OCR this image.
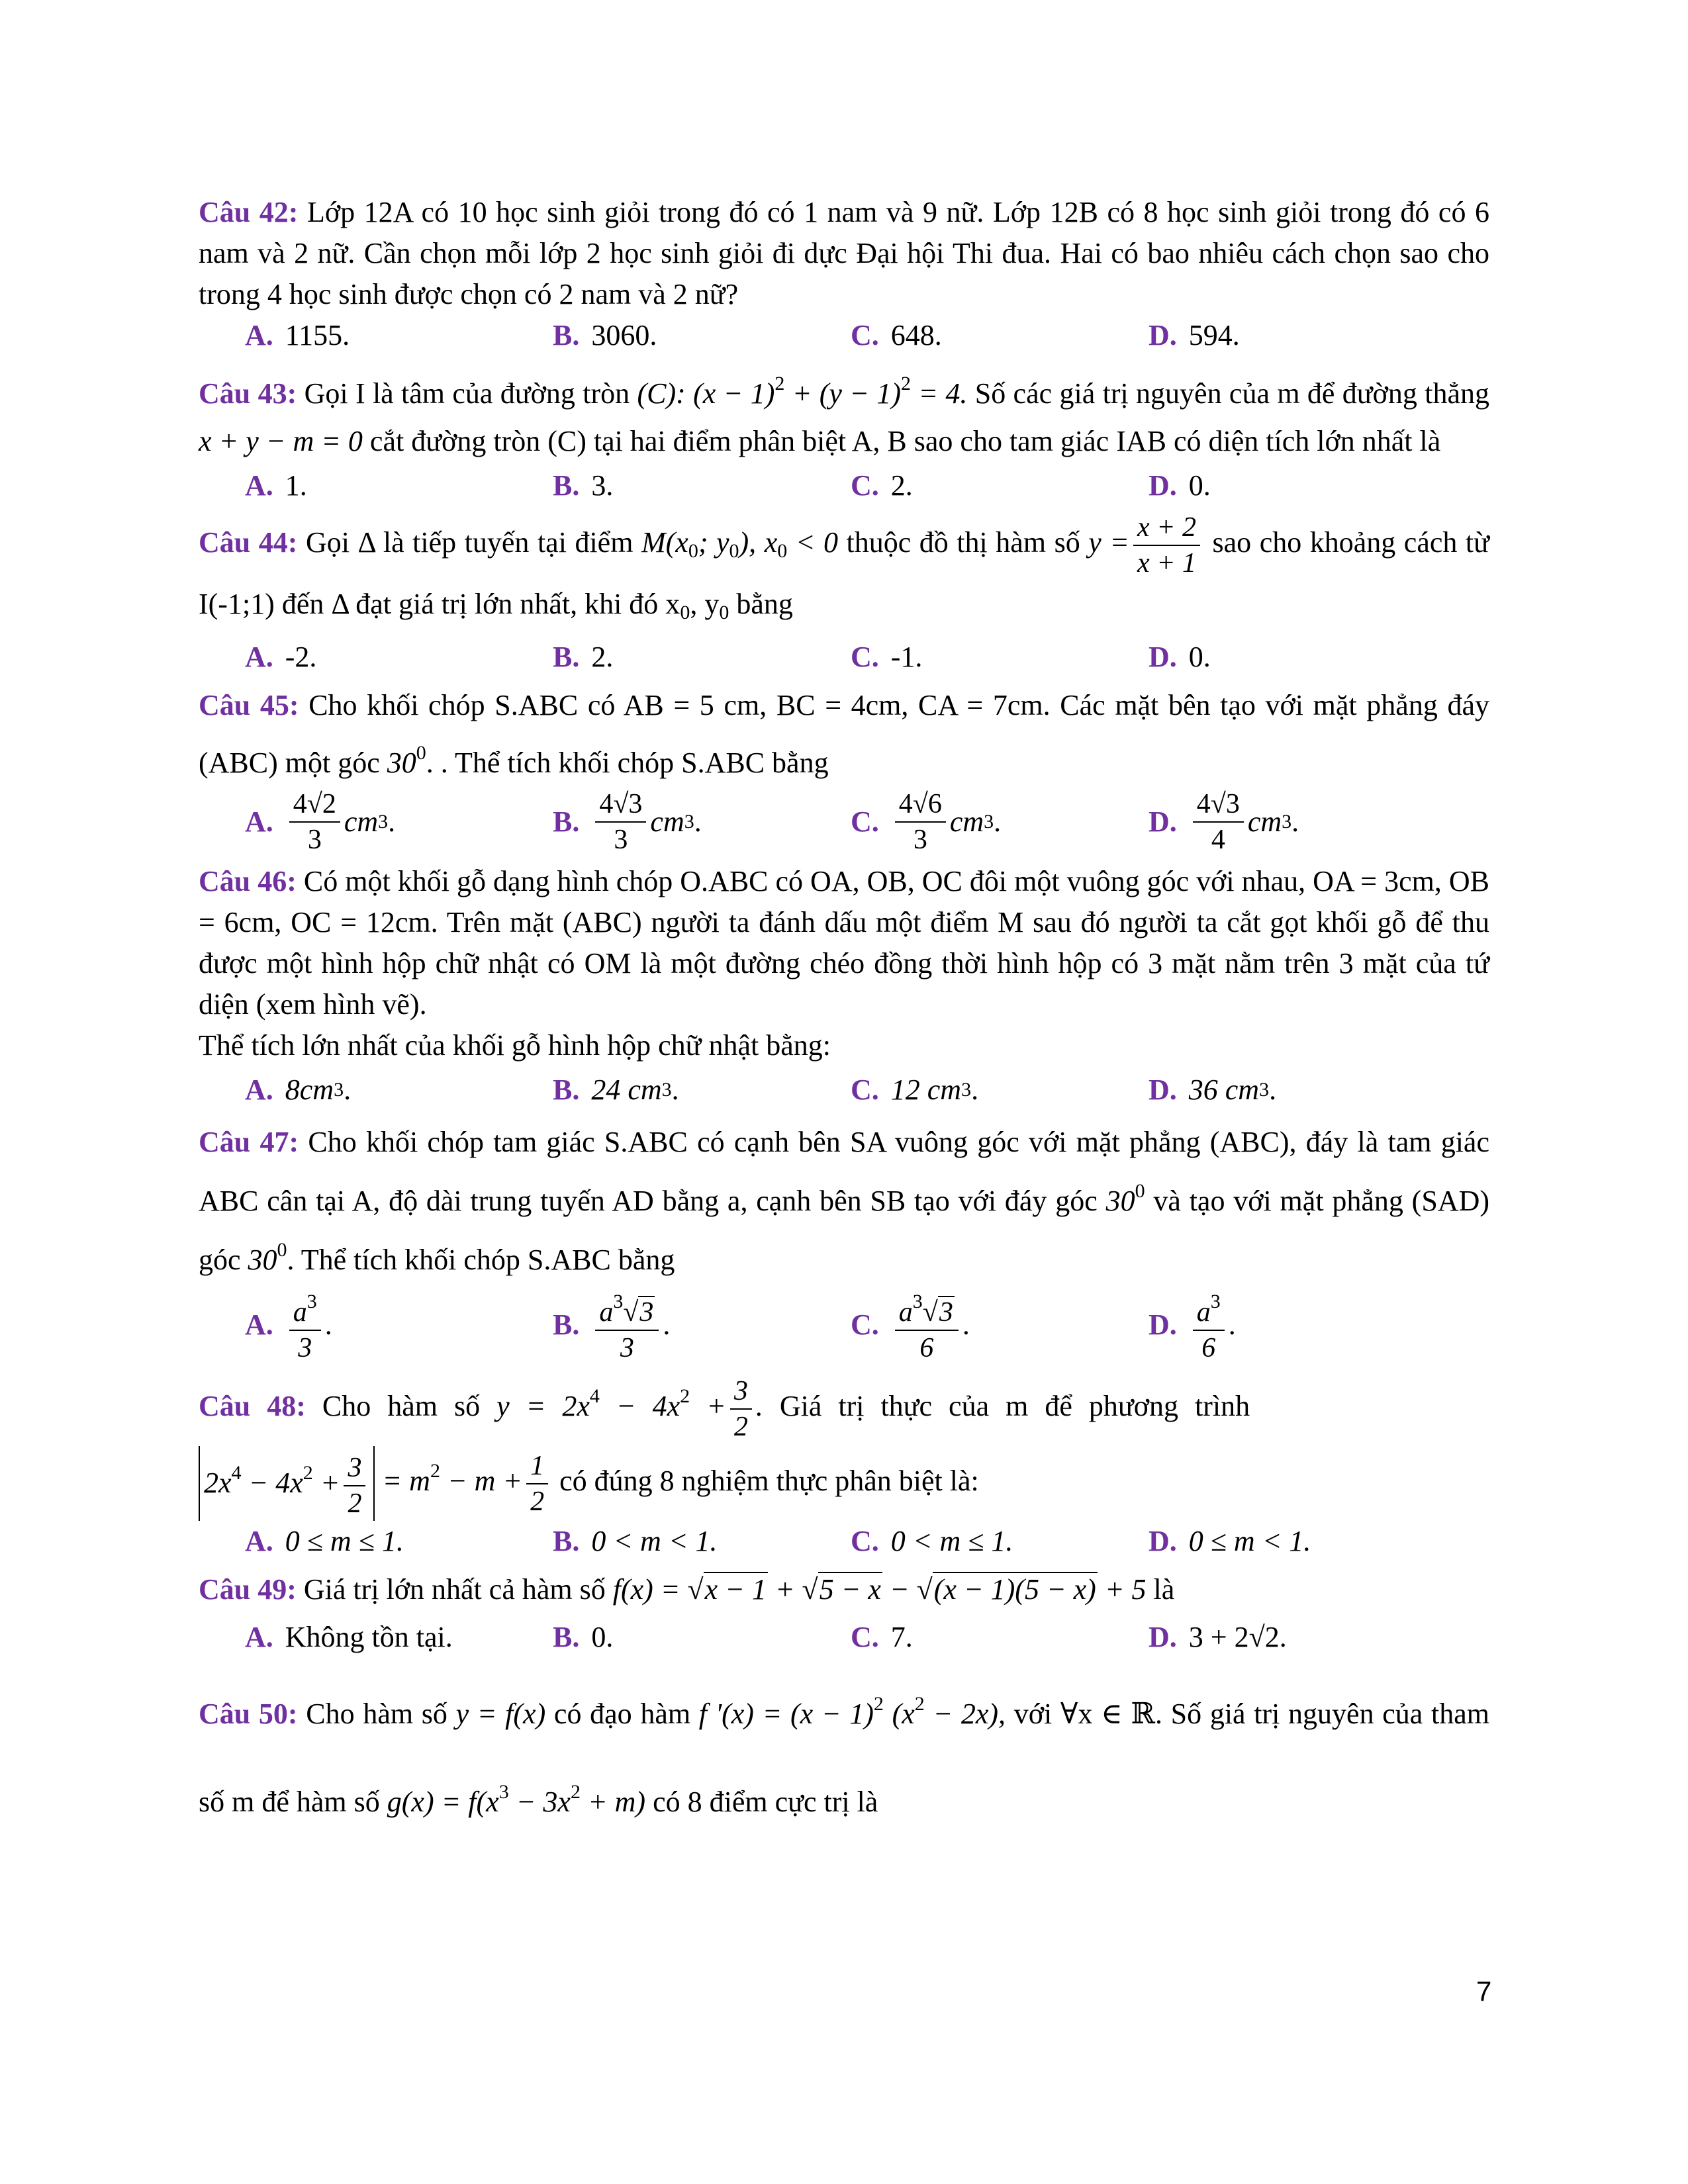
Câu 42: Lớp 12A có 10 học sinh giỏi trong đó có 1 nam và 9 nữ. Lớp 12B có 8 học sinh giỏi trong đó có 6 nam và 2 nữ. Cần chọn mỗi lớp 2 học sinh giỏi đi dực Đại hội Thi đua. Hai có bao nhiêu cách chọn sao cho trong 4 học sinh được chọn có 2 nam và 2 nữ?
A. 1155.	B. 3060.	C. 648.	D. 594.
Câu 43: Gọi I là tâm của đường tròn (C): $(x - 1)^2 + (y - 1)^2 = 4$. Số các giá trị nguyên của m để đường thẳng x + y − m = 0 cắt đường tròn (C) tại hai điểm phân biệt A, B sao cho tam giác IAB có diện tích lớn nhất là
A. 1.	B. 3.	C. 2.	D. 0.
Câu 44: Gọi Δ là tiếp tuyến tại điểm $M(x_0$; $y_0$), $x_0 < 0$ thuộc đồ thị hàm số $y = \frac{x + 2}{x + 1}$ sao cho khoảng cách từ I(-1;1) đến Δ đạt giá trị lớn nhất, khi đó $x_0$, $y_0$ bằng
A. -2.	B. 2.	C. -1.	D. 0.
Câu 45: Cho khối chóp S.ABC có AB = 5 cm, BC = 4cm, CA = 7cm. Các mặt bên tạo với mặt phẳng đáy (ABC) một góc $30^0$. . Thể tích khối chóp S.ABC bằng
A. $\frac{4√2}{3}$ cm 3 .	B. $\frac{4√3}{3}$ cm 3 .	C. $\frac{4√6}{3}$ cm 3 .	D. $\frac{4√3}{4}$ cm 3 .
Câu 46: Có một khối gỗ dạng hình chóp O.ABC có OA, OB, OC đôi một vuông góc với nhau, OA = 3cm, OB = 6cm, OC = 12cm. Trên mặt (ABC) người ta đánh dấu một điểm M sau đó người ta cắt gọt khối gỗ để thu được một hình hộp chữ nhật có OM là một đường chéo đồng thời hình hộp có 3 mặt nằm trên 3 mặt của tứ diện (xem hình vẽ).
Thể tích lớn nhất của khối gỗ hình hộp chữ nhật bằng:
A. 8cm 3 .	B. 24 cm 3 .	C. 12 cm 3 .	D. 36 cm 3 .
Câu 47: Cho khối chóp tam giác S.ABC có cạnh bên SA vuông góc với mặt phẳng (ABC), đáy là tam giác ABC cân tại A, độ dài trung tuyến AD bằng a, cạnh bên SB tạo với đáy góc $30^0$ và tạo với mặt phẳng (SAD) góc $30^0$. Thể tích khối chóp S.ABC bằng
A. $\frac{a^3}{3}$ .	B. $\frac{a^3√3}{3}$ .	C. $\frac{a^3√3}{6}$ .	D. $\frac{a^3}{6}$ .
Câu 48: Cho hàm số $y = 2x^4 - 4x^2 + \frac{3}{2}$ . Giá trị thực của m để phương trình
$2x^4 - 4x^2 + \frac{3}{2} = m^2 - m + \frac{1}{2}$ có đúng 8 nghiệm thực phân biệt là:
A. 0 ≤ m ≤ 1.	B. 0 < m < 1.	C. 0 < m ≤ 1.	D. 0 ≤ m < 1.
Câu 49: Giá trị lớn nhất cả hàm số f(x) = √x − 1 + √5 − x − √(x − 1)(5 − x) + 5 là
A. Không tồn tại.	B. 0.	C. 7.	D. 3 + 2√2.
Câu 50: Cho hàm số y = f(x) có đạo hàm f '$(x) = (x - 1)^2$ $(x^2 - 2x)$, với ∀x ∈ ℝ. Số giá trị nguyên của tham số m để hàm số $g(x) = f(x^3 - 3x^2 + m)$ có 8 điểm cực trị là
7
